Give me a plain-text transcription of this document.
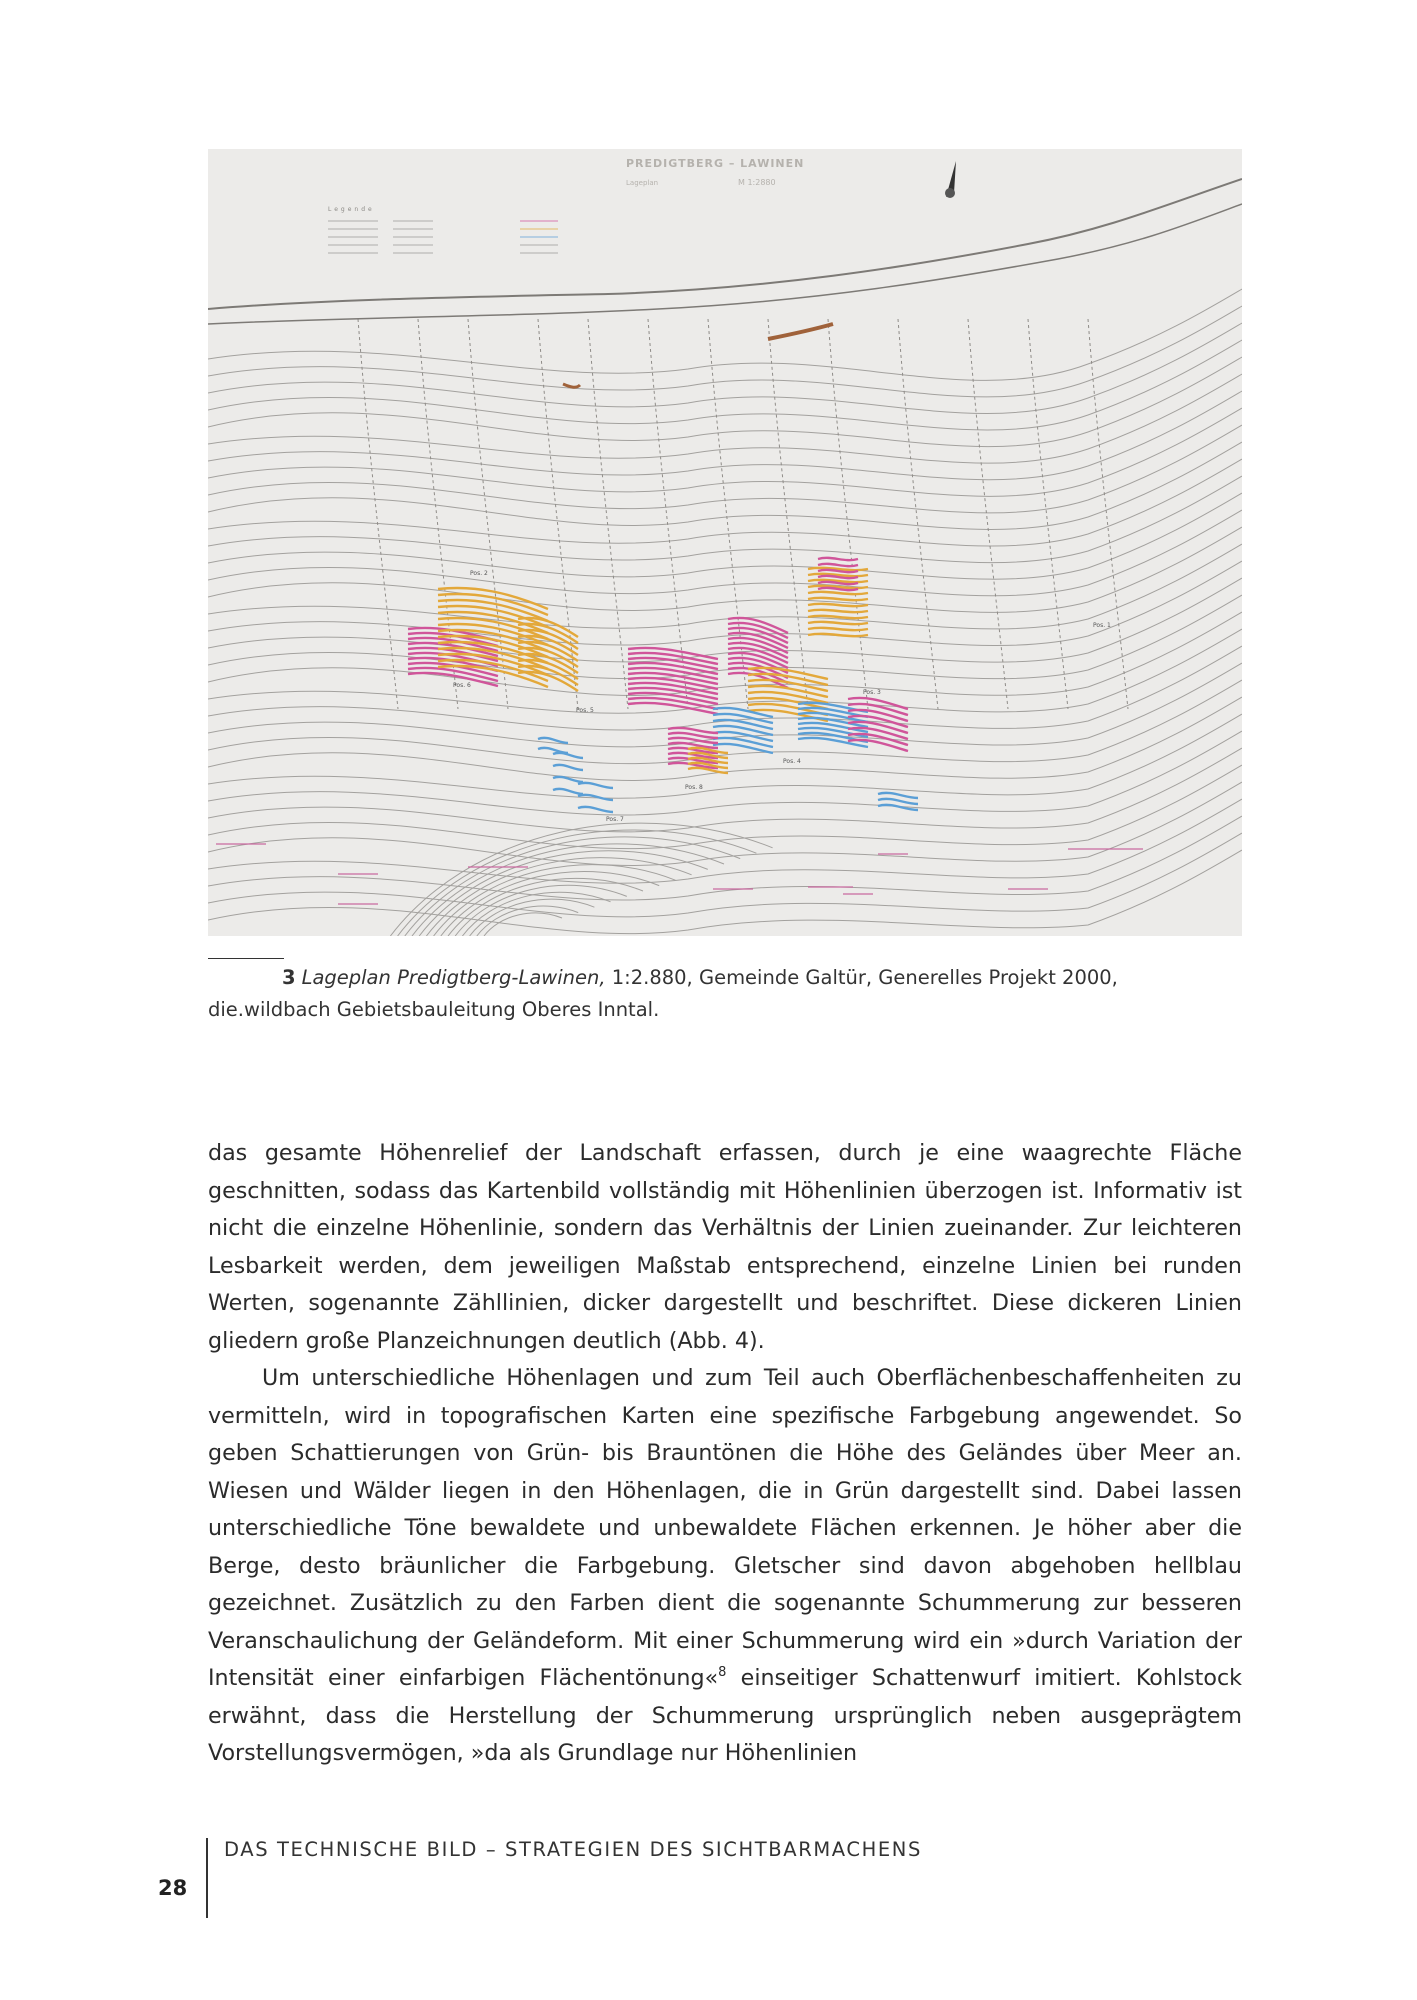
PREDIGTBERG – LAWINEN
Lageplan	M 1:2880
Legende
Pos. 1
Pos. 2
Pos. 3
Pos. 4
Pos. 5
Pos. 6
Pos. 7
Pos. 8
3 Lageplan Predigtberg-Lawinen, 1:2.880, Gemeinde Galtür, Generelles Projekt 2000,
die.wildbach Gebietsbauleitung Oberes Inntal.

das gesamte Höhenrelief der Landschaft erfassen, durch je eine waagrechte Fläche geschnitten, sodass das Kartenbild vollständig mit Höhenlinien überzogen ist. Informativ ist nicht die einzelne Höhenlinie, sondern das Verhältnis der Linien zueinander. Zur leichteren Lesbarkeit werden, dem jeweiligen Maßstab entsprechend, einzelne Linien bei runden Werten, sogenannte Zähllinien, dicker dargestellt und beschriftet. Diese dickeren Linien gliedern große Planzeichnungen deutlich (Abb. 4).

Um unterschiedliche Höhenlagen und zum Teil auch Oberflächenbeschaffenheiten zu vermitteln, wird in topografischen Karten eine spezifische Farbgebung angewendet. So geben Schattierungen von Grün- bis Brauntönen die Höhe des Geländes über Meer an. Wiesen und Wälder liegen in den Höhenlagen, die in Grün dargestellt sind. Dabei lassen unterschiedliche Töne bewaldete und unbewaldete Flächen erkennen. Je höher aber die Berge, desto bräunlicher die Farbgebung. Gletscher sind davon abgehoben hellblau gezeichnet. Zusätzlich zu den Farben dient die sogenannte Schummerung zur besseren Veranschaulichung der Geländeform. Mit einer Schummerung wird ein »durch Variation der Intensität einer einfarbigen Flächentönung«$^8$ einseitiger Schattenwurf imitiert. Kohlstock erwähnt, dass die Herstellung der Schummerung ursprünglich neben ausgeprägtem Vorstellungsvermögen, »da als Grundlage nur Höhenlinien

DAS TECHNISCHE BILD – STRATEGIEN DES SICHTBARMACHENS
28
